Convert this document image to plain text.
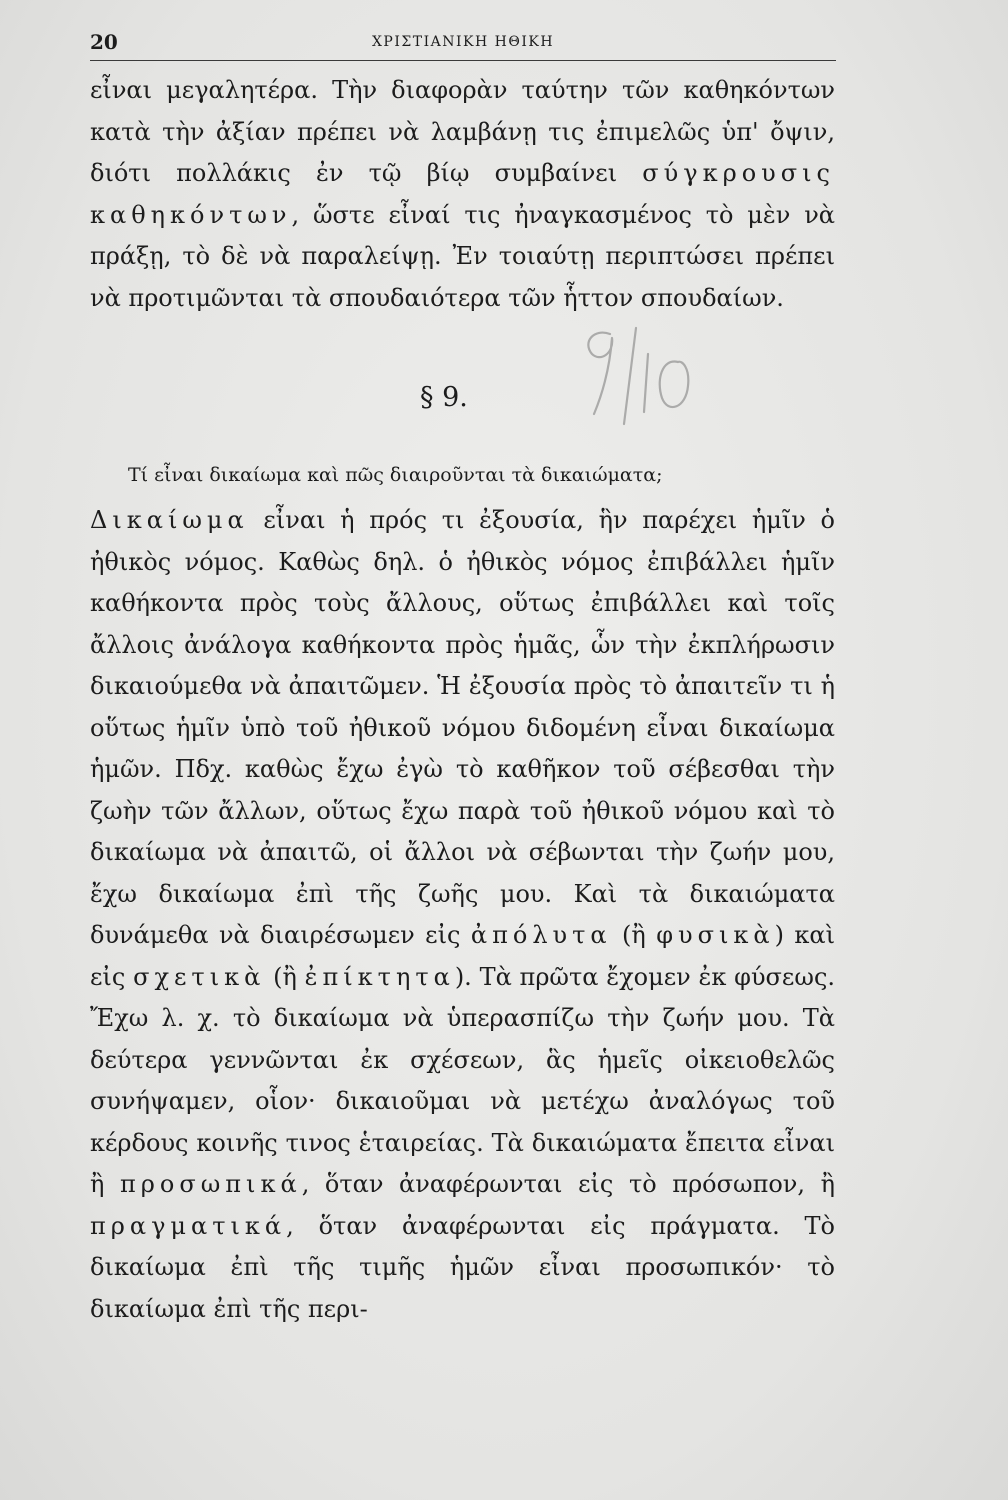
20	ΧΡΙΣΤΙΑΝΙΚΗ ΗΘΙΚΗ

εἶναι μεγαλητέρα. Τὴν διαφορὰν ταύτην τῶν καθηκόντων κατὰ τὴν ἀξίαν πρέπει νὰ λαμβάνῃ τις ἐπιμελῶς ὑπ' ὄψιν, διότι πολλάκις ἐν τῷ βίῳ συμβαίνει σύγκρουσις καθηκόντων, ὥστε εἶναί τις ἠναγκασμένος τὸ μὲν νὰ πράξῃ, τὸ δὲ νὰ παραλείψῃ. Ἐν τοιαύτῃ περιπτώσει πρέπει νὰ προτιμῶνται τὰ σπουδαιότερα τῶν ἧττον σπουδαίων.

§ 9.
Τί εἶναι δικαίωμα καὶ πῶς διαιροῦνται τὰ δικαιώματα;

Δικαίωμα εἶναι ἡ πρός τι ἐξουσία, ἣν παρέχει ἡμῖν ὁ ἠθικὸς νόμος. Καθὼς δηλ. ὁ ἠθικὸς νόμος ἐπιβάλλει ἡμῖν καθήκοντα πρὸς τοὺς ἄλλους, οὕτως ἐπιβάλλει καὶ τοῖς ἄλλοις ἀνάλογα καθήκοντα πρὸς ἡμᾶς, ὧν τὴν ἐκπλήρωσιν δικαιούμεθα νὰ ἀπαιτῶμεν. Ἡ ἐξουσία πρὸς τὸ ἀπαιτεῖν τι ἡ οὕτως ἡμῖν ὑπὸ τοῦ ἠθικοῦ νόμου διδομένη εἶναι δικαίωμα ἡμῶν. Πδχ. καθὼς ἔχω ἐγὼ τὸ καθῆκον τοῦ σέβεσθαι τὴν ζωὴν τῶν ἄλλων, οὕτως ἔχω παρὰ τοῦ ἠθικοῦ νόμου καὶ τὸ δικαίωμα νὰ ἀπαιτῶ, οἱ ἄλλοι νὰ σέβωνται τὴν ζωήν μου, ἔχω δικαίωμα ἐπὶ τῆς ζωῆς μου. Καὶ τὰ δικαιώματα δυνάμεθα νὰ διαιρέσωμεν εἰς ἀπόλυτα (ἢ φυσικὰ) καὶ εἰς σχετικὰ (ἢ ἐπίκτητα). Τὰ πρῶτα ἔχομεν ἐκ φύσεως. Ἔχω λ. χ. τὸ δικαίωμα νὰ ὑπερασπίζω τὴν ζωήν μου. Τὰ δεύτερα γεννῶνται ἐκ σχέσεων, ἃς ἡμεῖς οἰκειοθελῶς συνήψαμεν, οἷον· δικαιοῦμαι νὰ μετέχω ἀναλόγως τοῦ κέρδους κοινῆς τινος ἑταιρείας. Τὰ δικαιώματα ἔπειτα εἶναι ἢ προσωπικά, ὅταν ἀναφέρωνται εἰς τὸ πρόσωπον, ἢ πραγματικά, ὅταν ἀναφέρωνται εἰς πράγματα. Τὸ δικαίωμα ἐπὶ τῆς τιμῆς ἡμῶν εἶναι προσωπικόν· τὸ δικαίωμα ἐπὶ τῆς περι-
